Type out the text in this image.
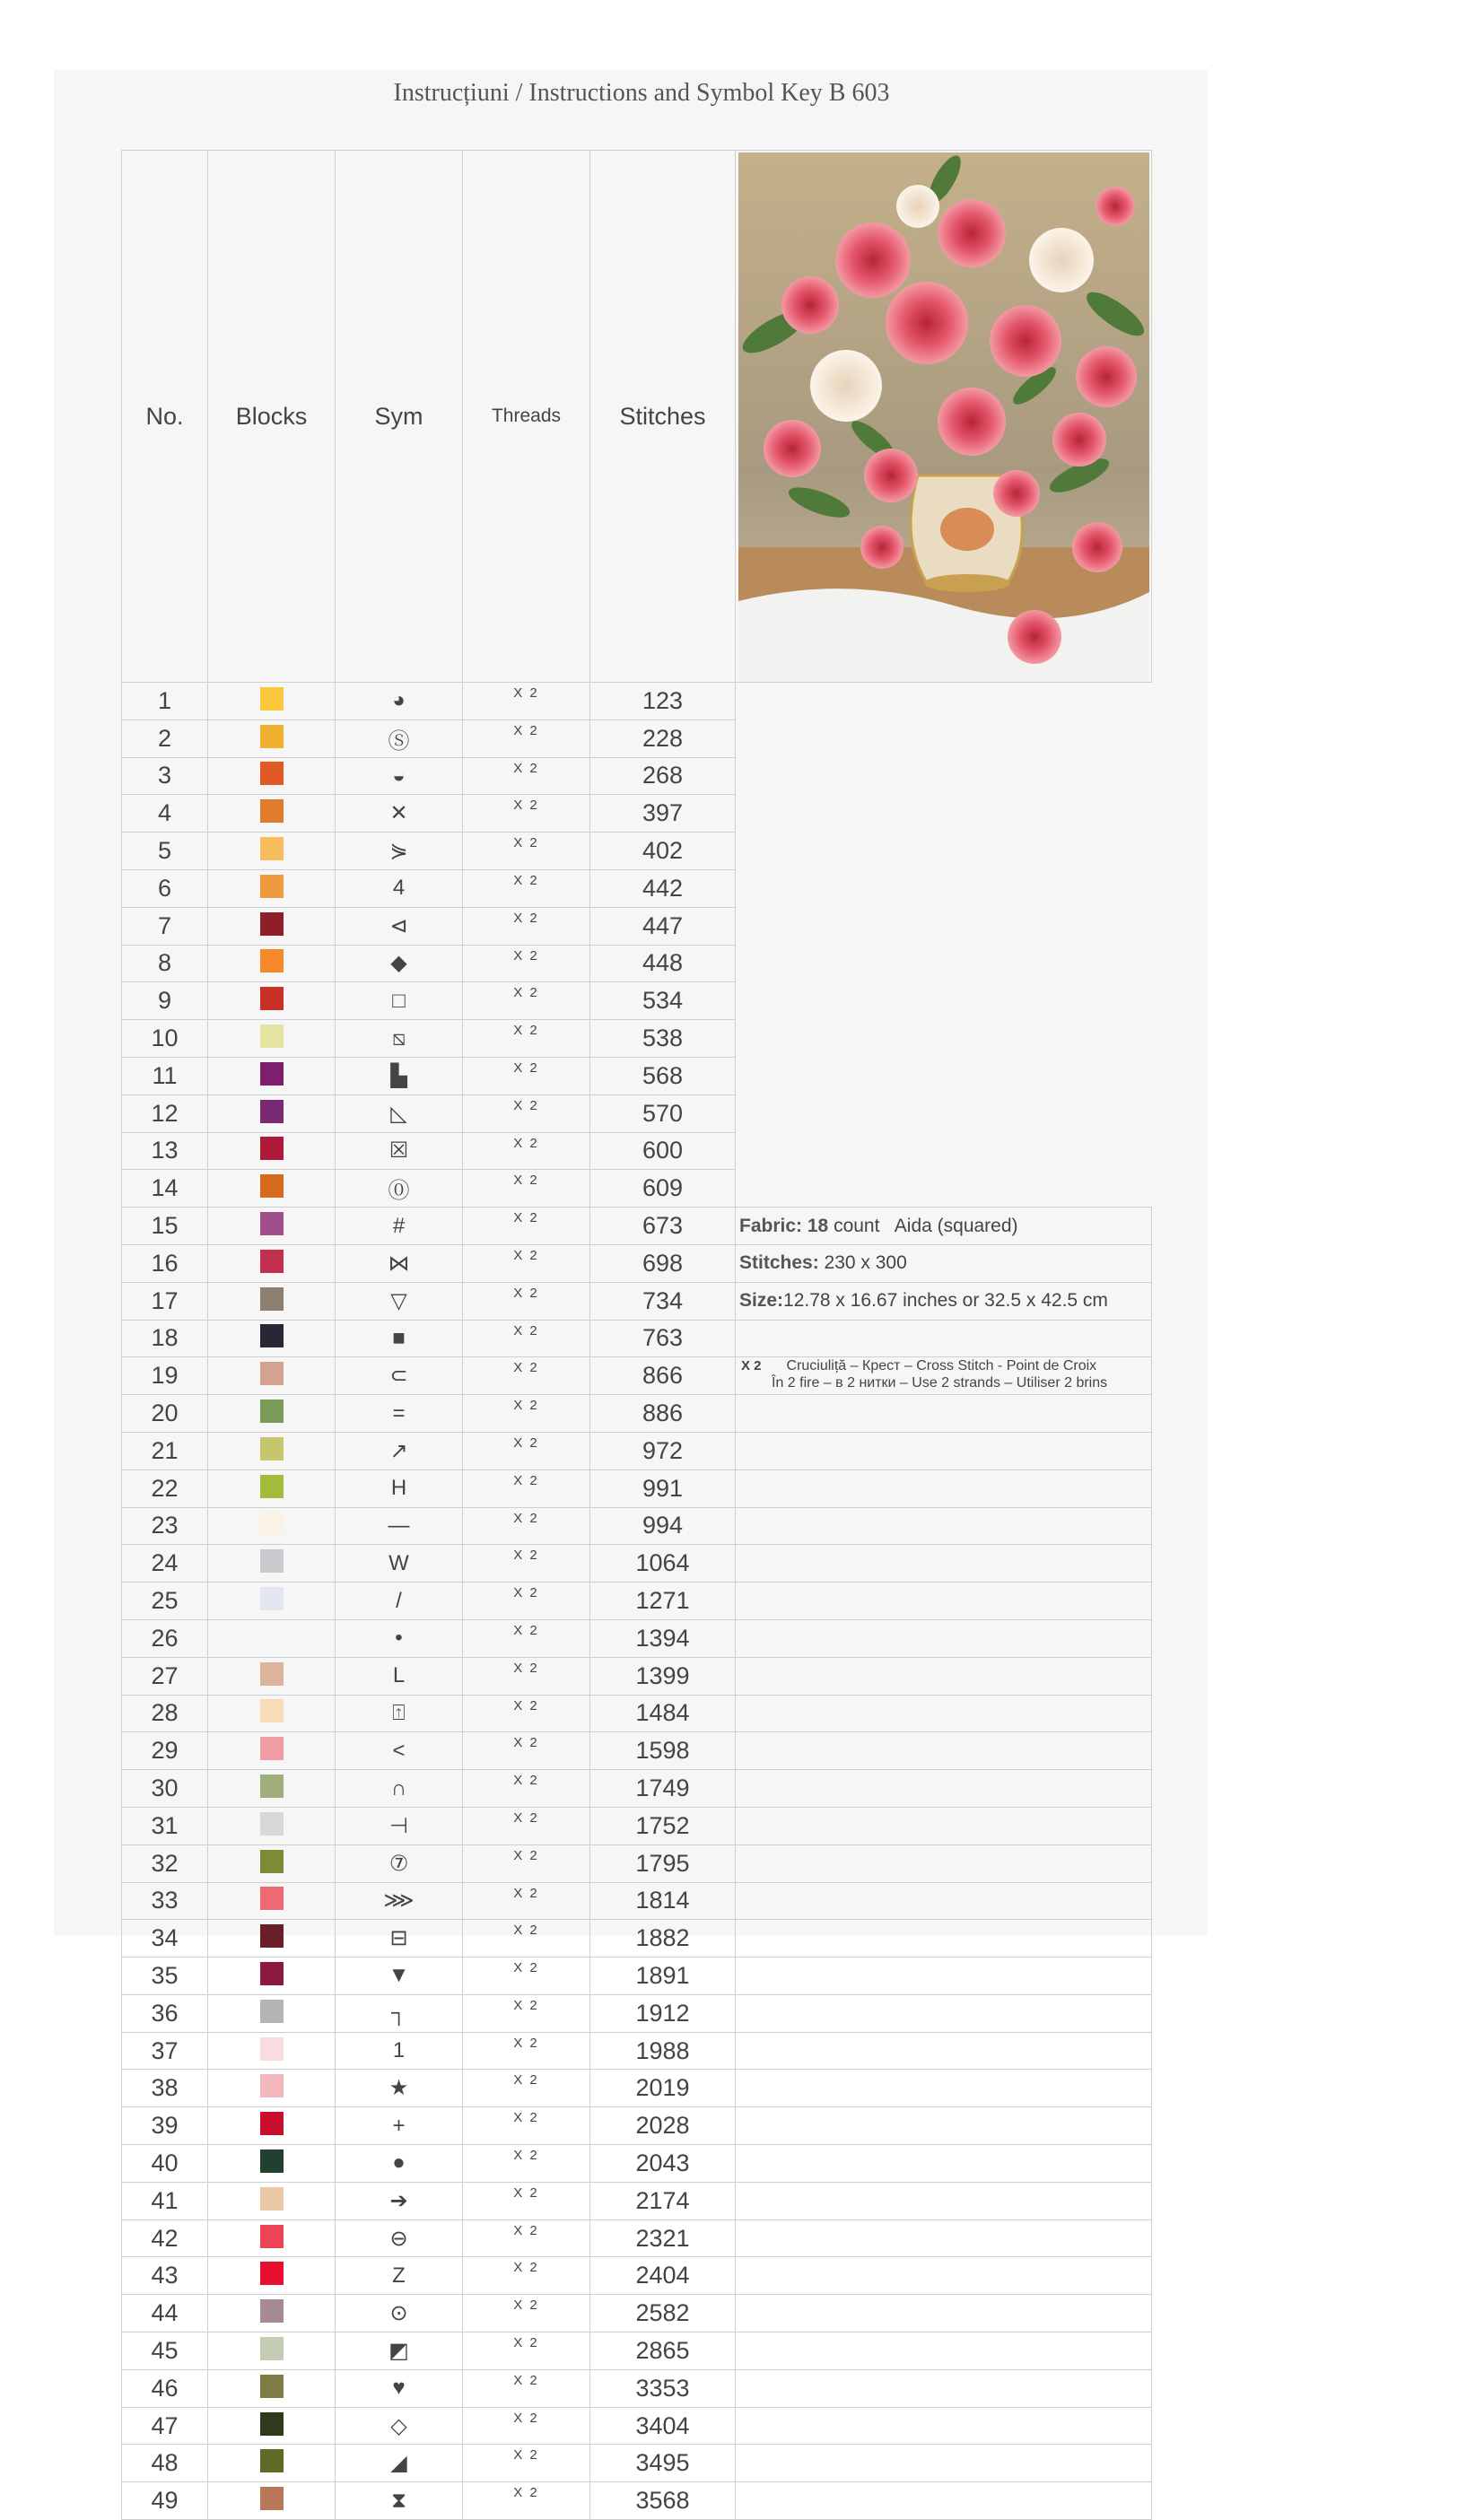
Instrucțiuni / Instructions and Symbol Key B 603
No.	Blocks	Sym	Threads	Stitches	

1		◕	X 2	123	
2		Ⓢ	X 2	228	
3		◒	X 2	268	
4		✕	X 2	397	
5		⋟	X 2	402	
6		4	X 2	442	
7		⊲	X 2	447	
8		◆	X 2	448	
9		□	X 2	534	
10		⧅	X 2	538	
11		▙	X 2	568	
12		◺	X 2	570	
13		☒	X 2	600	
14		⓪	X 2	609	
15		#	X 2	673	Fabric: 18 count   Aida (squared)
16		⋈	X 2	698	Stitches: 230 x 300
17		▽	X 2	734	Size:12.78 x 16.67 inches or 32.5 x 42.5 cm
18		■	X 2	763	
19		⊂	X 2	866	X 2 Cruciuliță – Крест – Cross Stitch - Point de Croix
În 2 fire – в 2 нитки – Use 2 strands – Utiliser 2 brins
20		=	X 2	886	
21		↗	X 2	972	
22		H	X 2	991	
23		—	X 2	994	
24		W	X 2	1064	
25		/	X 2	1271	
26		•	X 2	1394	
27		L	X 2	1399	
28		⍐	X 2	1484	
29		<	X 2	1598	
30		∩	X 2	1749	
31		⊣	X 2	1752	
32		⑦	X 2	1795	
33		⋙	X 2	1814	
34		⊟	X 2	1882	
35		▼	X 2	1891	
36		┐	X 2	1912	
37		1	X 2	1988	
38		★	X 2	2019	
39		+	X 2	2028	
40		●	X 2	2043	
41		➔	X 2	2174	
42		⊖	X 2	2321	
43		Z	X 2	2404	
44		⊙	X 2	2582	
45		◩	X 2	2865	
46		♥	X 2	3353	
47		◇	X 2	3404	
48		◢	X 2	3495	
49		⧗	X 2	3568	
